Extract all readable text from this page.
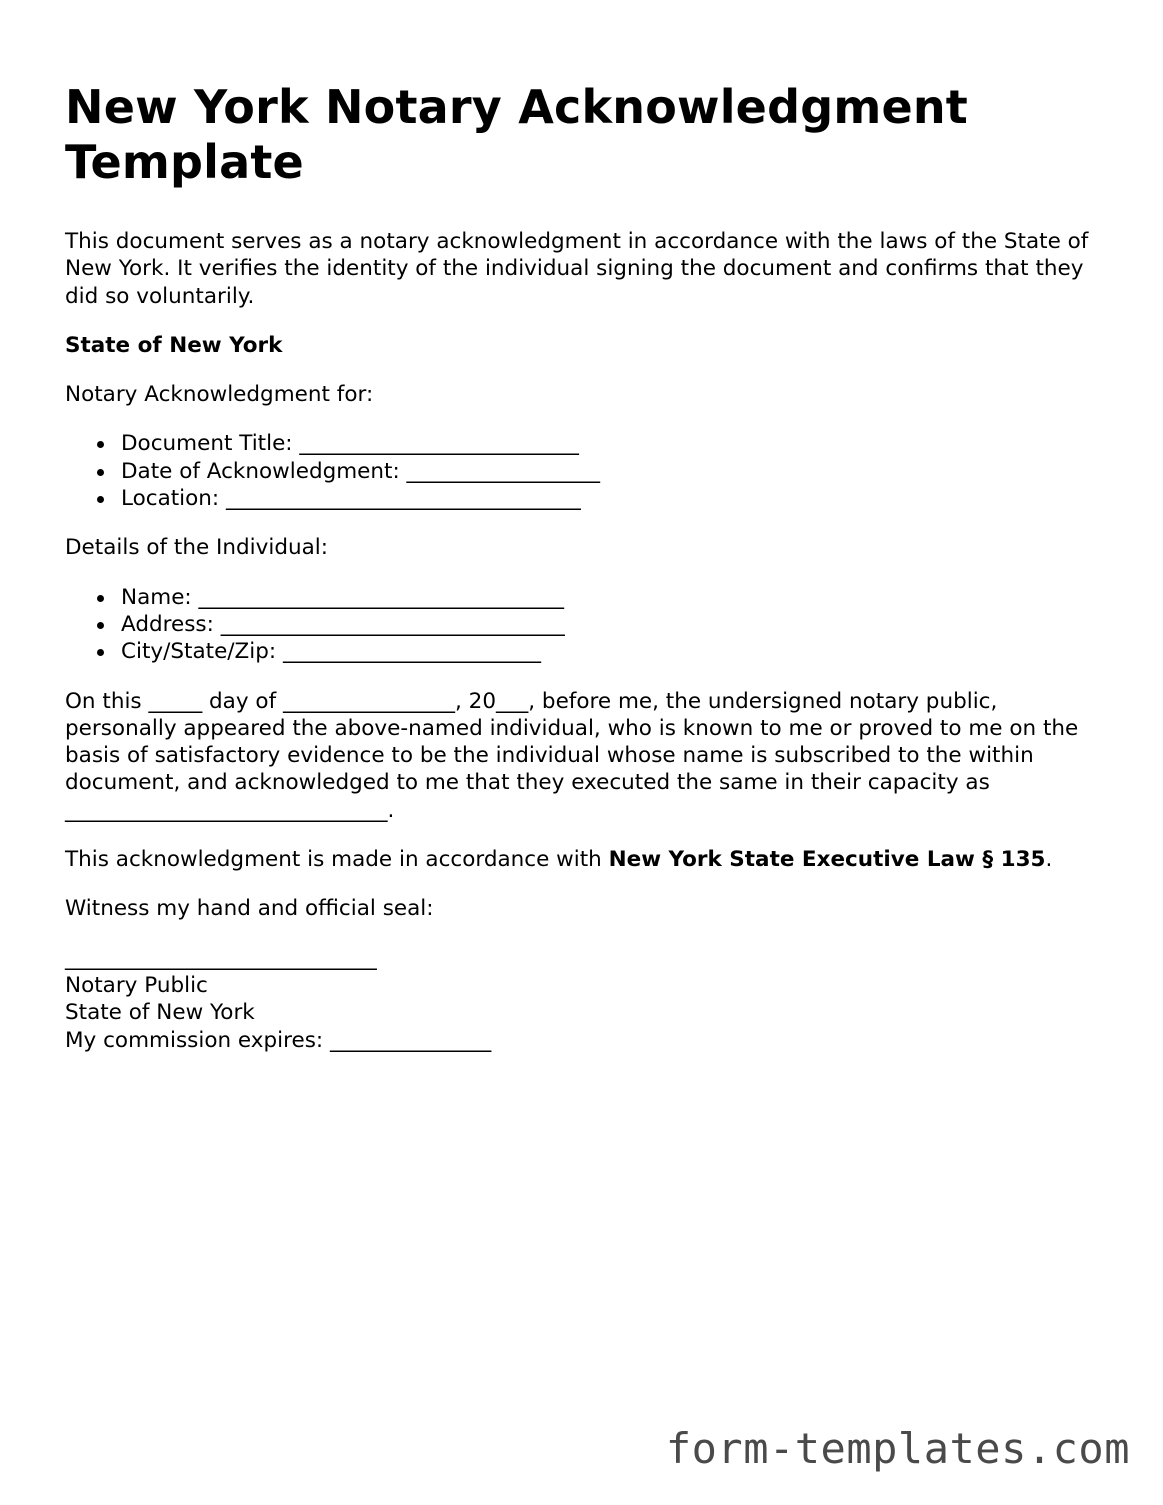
New York Notary Acknowledgment Template

This document serves as a notary acknowledgment in accordance with the laws of the State of New York. It verifies the identity of the individual signing the document and confirms that they did so voluntarily.

State of New York

Notary Acknowledgment for:

Document Title: __________________________
Date of Acknowledgment: __________________
Location: _________________________________

Details of the Individual:

Name: __________________________________
Address: ________________________________
City/State/Zip: ________________________

On this _____ day of ________________, 20___, before me, the undersigned notary public, personally appeared the above-named individual, who is known to me or proved to me on the basis of satisfactory evidence to be the individual whose name is subscribed to the within document, and acknowledged to me that they executed the same in their capacity as ______________________________.

This acknowledgment is made in accordance with New York State Executive Law § 135.

Witness my hand and official seal:

_____________________________
Notary Public
State of New York
My commission expires: _______________
form-templates.com
